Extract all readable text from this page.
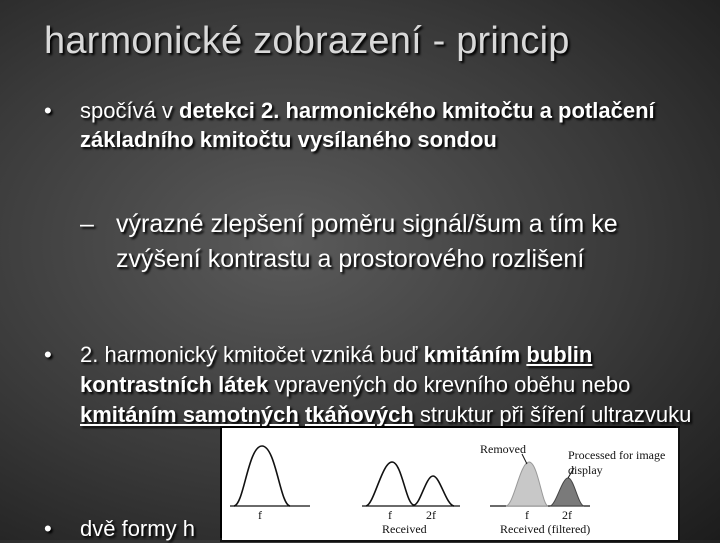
harmonické zobrazení - princip
• spočívá v detekci 2. harmonického kmitočtu a potlačení základního kmitočtu vysílaného sondou
– výrazné zlepšení poměru signál/šum a tím ke zvýšení kontrastu a prostorového rozlišení
• 2. harmonický kmitočet vzniká buď kmitáním bublin kontrastních látek vpravených do krevního oběhu nebo kmitáním samotných tkáňových struktur při šíření ultrazvuku
• dvě formy h
f	f	2f
Received
f	2f
Received (filtered)
Removed	Processed for image display
